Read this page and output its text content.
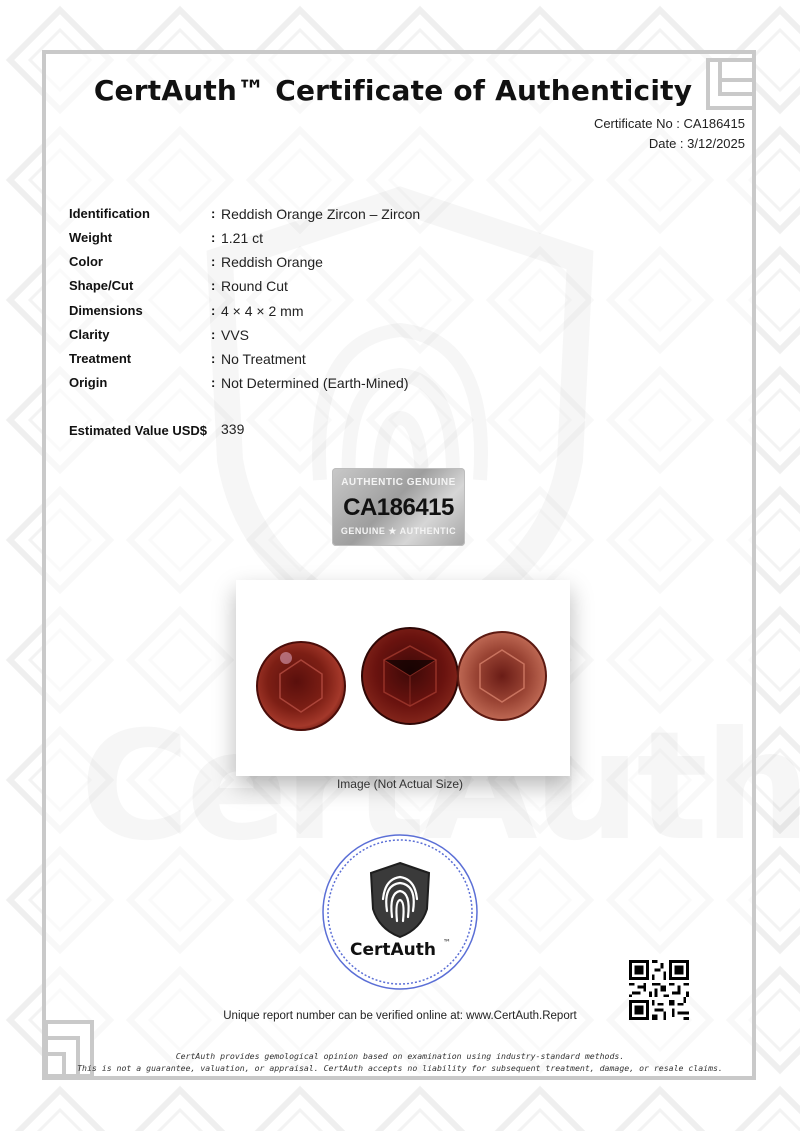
CertAuth™ Certificate of Authenticity
Certificate No : CA186415
Date : 3/12/2025
Identification	: Reddish Orange Zircon – Zircon
Weight	: 1.21 ct
Color	: Reddish Orange
Shape/Cut	: Round Cut
Dimensions	: 4 × 4 × 2 mm
Clarity	: VVS
Treatment	: No Treatment
Origin	: Not Determined (Earth-Mined)
Estimated Value USD$ 339
AUTHENTIC GENUINE
CA186415
GENUINE ★ AUTHENTIC
Image (Not Actual Size)
CertAuth ™
Unique report number can be verified online at: www.CertAuth.Report
CertAuth provides gemological opinion based on examination using industry-standard methods.
This is not a guarantee, valuation, or appraisal. CertAuth accepts no liability for subsequent treatment, damage, or resale claims.
